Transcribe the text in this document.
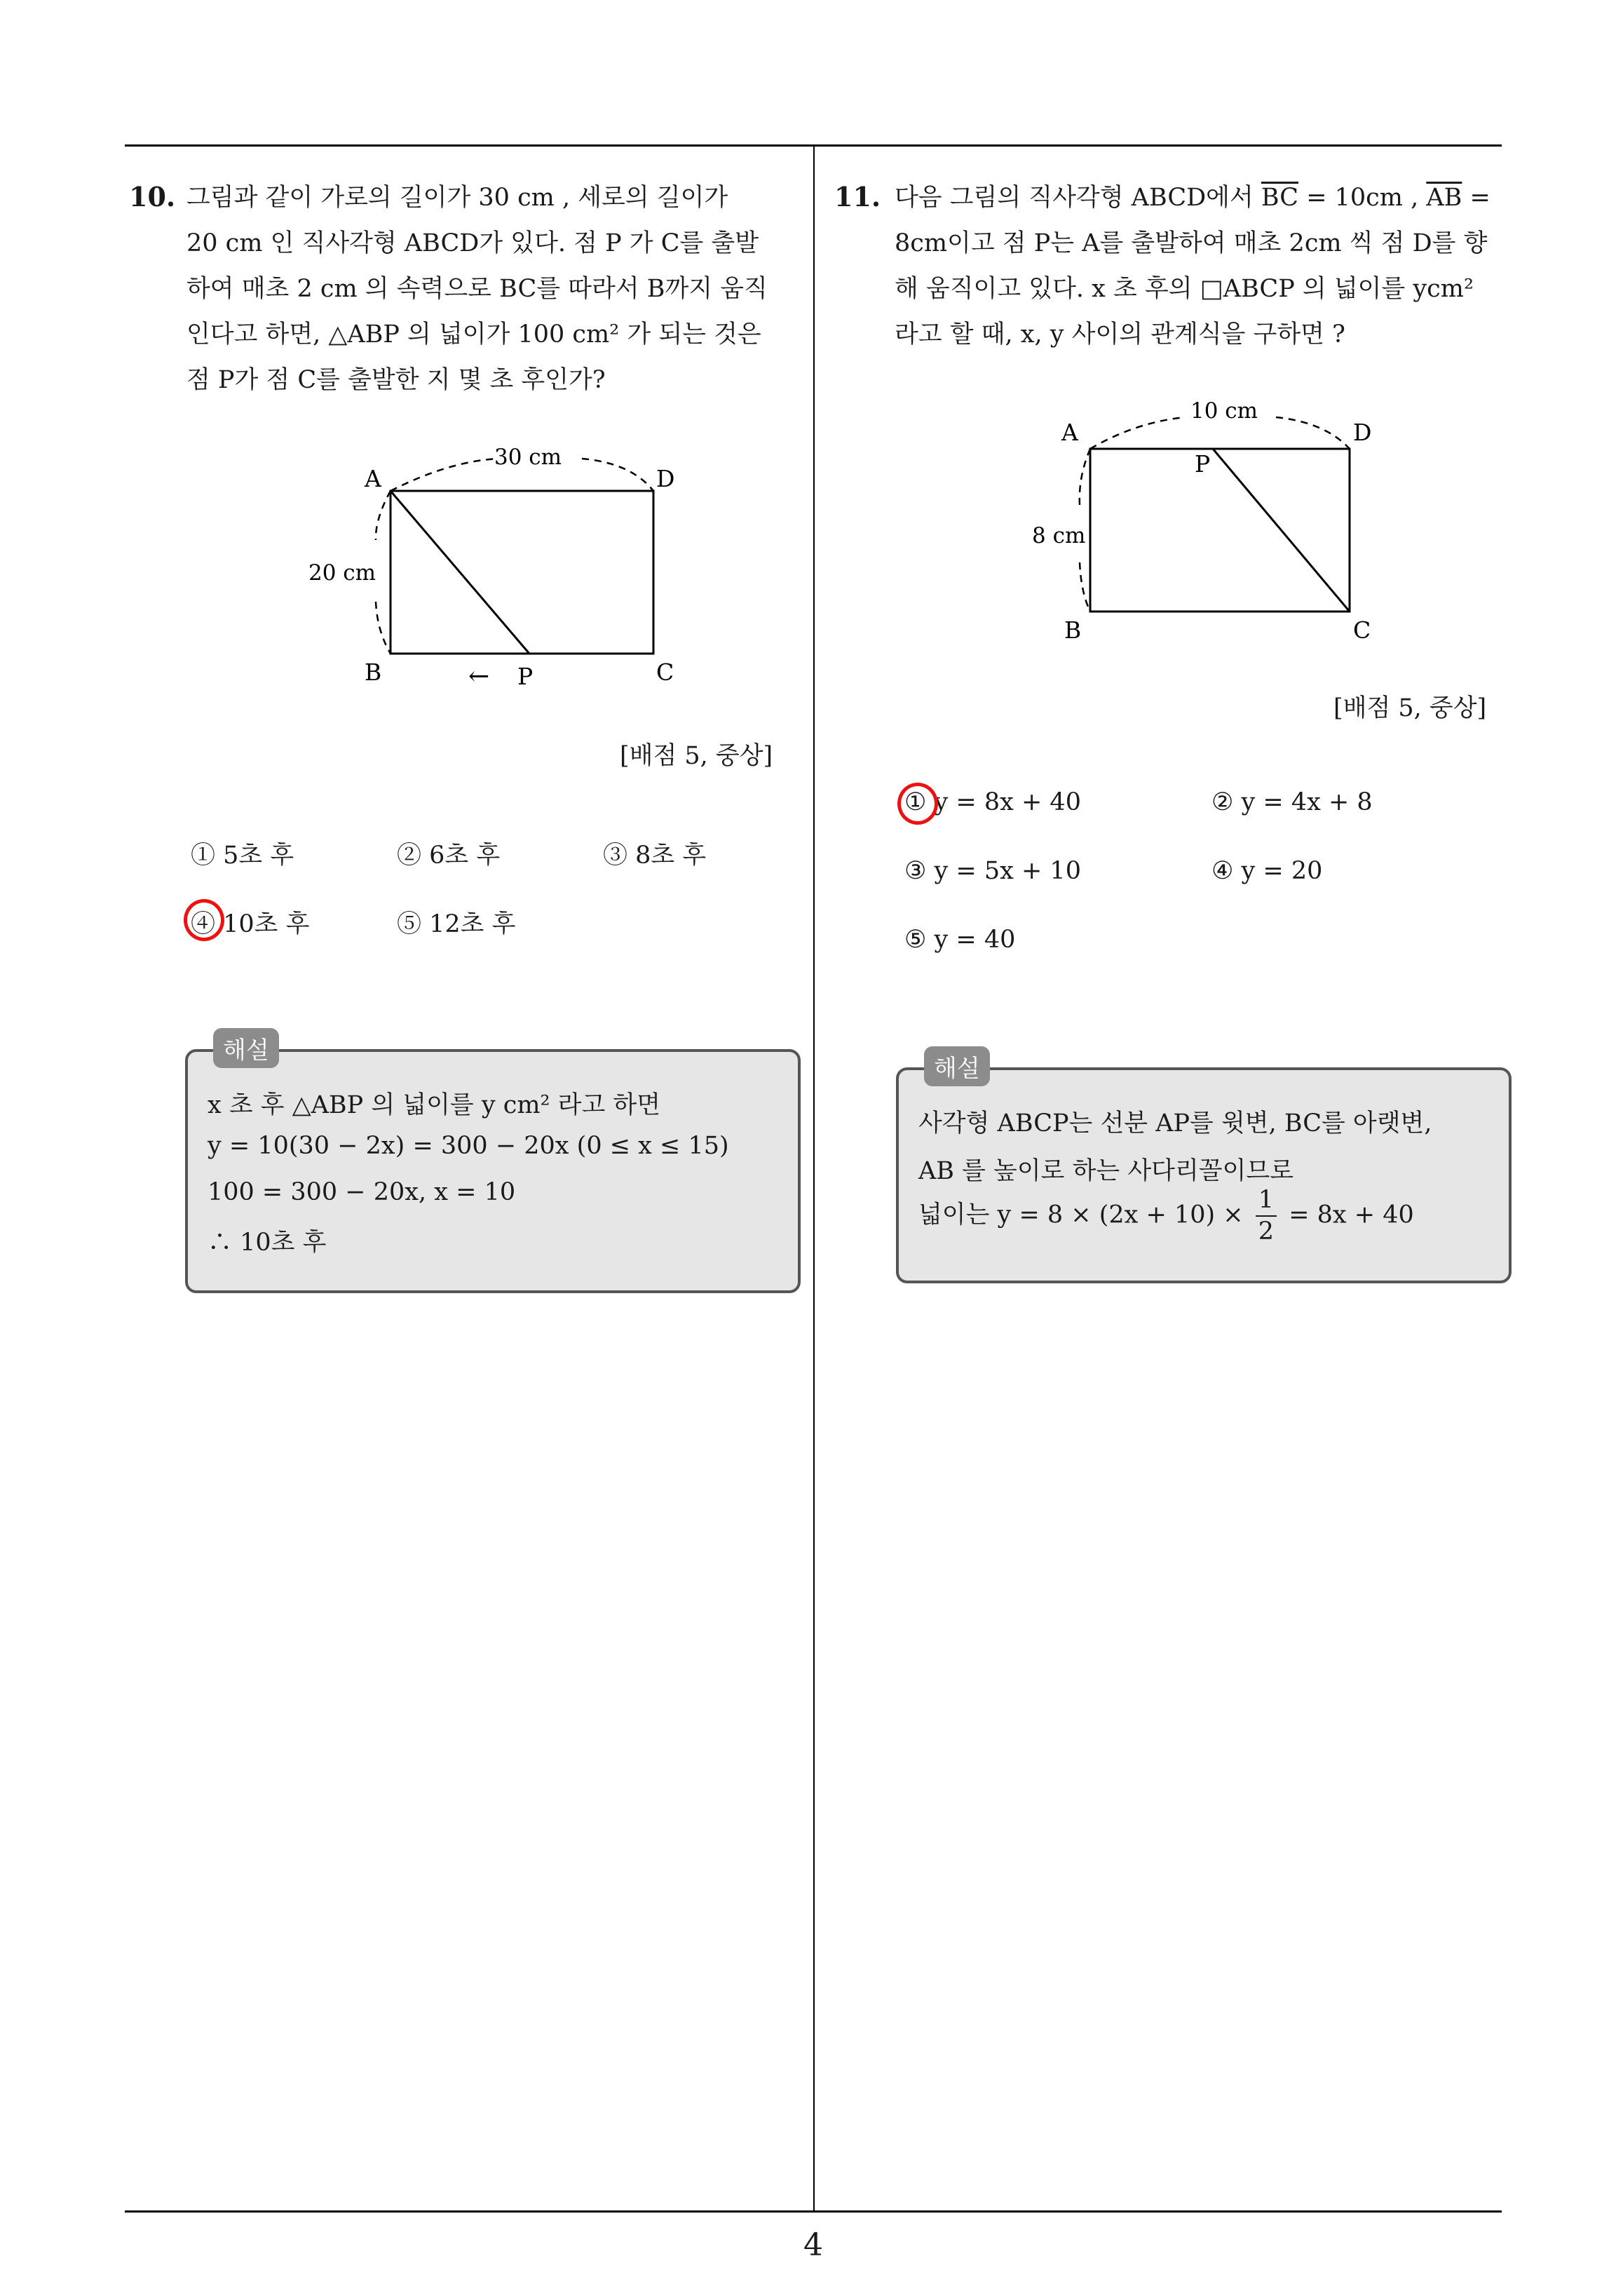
10. 그림과 같이 가로의 길이가 30 cm , 세로의 길이가
20 cm 인 직사각형 ABCD가 있다. 점 P 가 C를 출발
하여 매초 2 cm 의 속력으로 BC를 따라서 B까지 움직
인다고 하면, △ABP 의 넓이가 100 cm² 가 되는 것은
점 P가 점 C를 출발한 지 몇 초 후인가?
30 cm
20 cm
A	D
B	C
← P
[배점 5, 중상]
① 5초 후	② 6초 후	③ 8초 후
④ 10초 후	⑤ 12초 후
해설
x 초 후 △ABP 의 넓이를 y cm² 라고 하면
y = 10(30 − 2x) = 300 − 20x (0 ≤ x ≤ 15)
100 = 300 − 20x, x = 10
∴ 10초 후
11. 다음 그림의 직사각형 ABCD에서 $\overline{BC} = 10cm$ , $\overline{AB}$ =
8cm이고 점 P는 A를 출발하여 매초 2cm 씩 점 D를 향
해 움직이고 있다. x 초 후의 □ABCP 의 넓이를 ycm²
라고 할 때, x, y 사이의 관계식을 구하면 ?
10 cm
8 cm
A	D
P
B	C
[배점 5, 중상]
① y = 8x + 40	② y = 4x + 8
③ y = 5x + 10	④ y = 20
⑤ y = 40
해설
사각형 ABCP는 선분 AP를 윗변, BC를 아랫변,
AB 를 높이로 하는 사다리꼴이므로
넓이는 $y = 8 \times (2x + 10) \times \frac{1}{2} = 8x + 40$
4
